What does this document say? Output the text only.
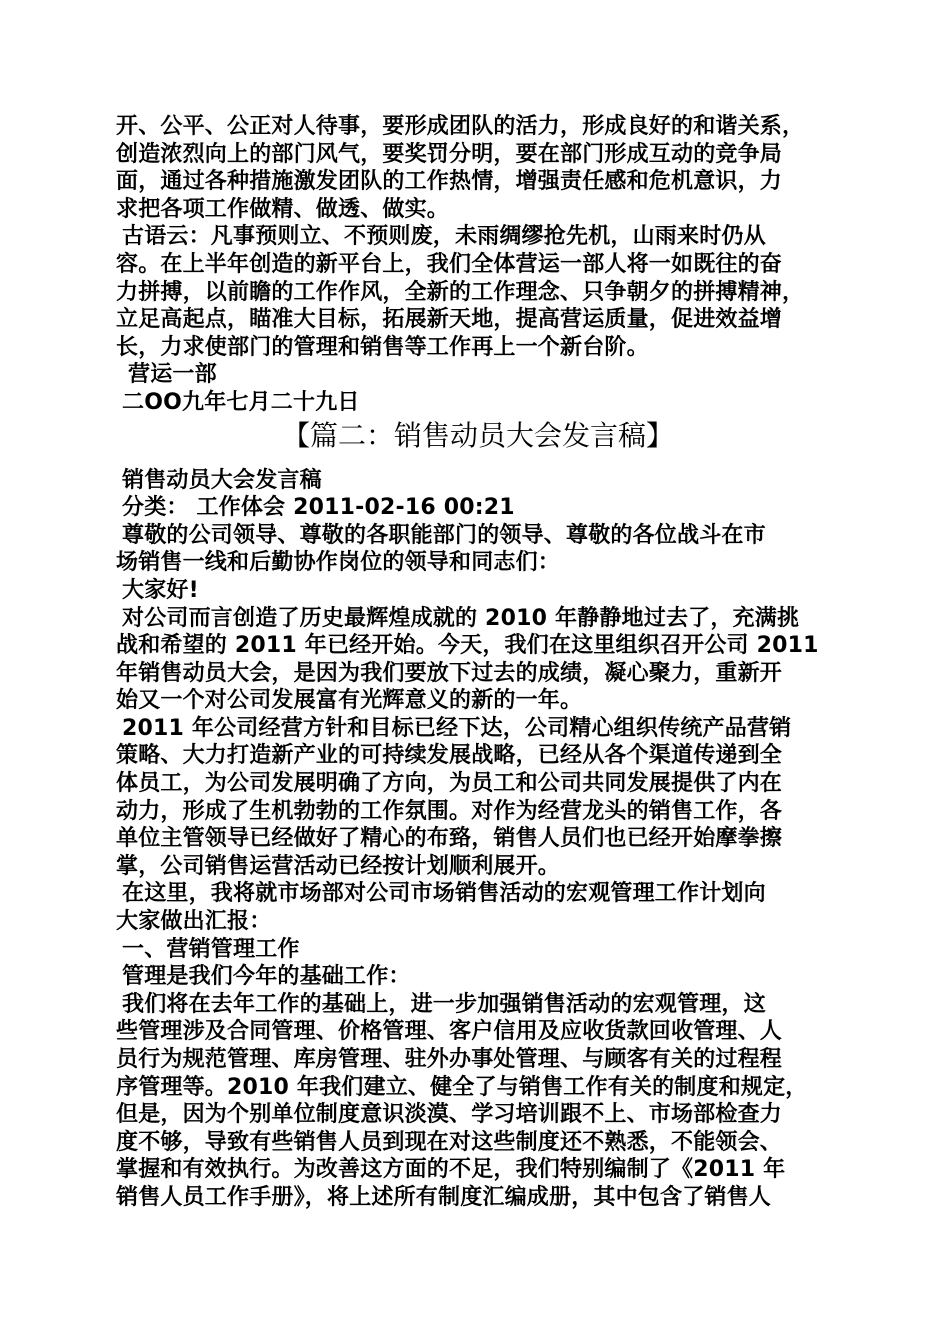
开、公平、公正对人待事，要形成团队的活力，形成良好的和谐关系，
创造浓烈向上的部门风气，要奖罚分明，要在部门形成互动的竞争局
面，通过各种措施激发团队的工作热情，增强责任感和危机意识，力
求把各项工作做精、做透、做实。
古语云：凡事预则立、不预则废，未雨绸缪抢先机，山雨来时仍从
容。在上半年创造的新平台上，我们全体营运一部人将一如既往的奋
力拼搏，以前瞻的工作作风，全新的工作理念、只争朝夕的拼搏精神，
立足高起点，瞄准大目标，拓展新天地，提高营运质量，促进效益增
长，力求使部门的管理和销售等工作再上一个新台阶。
营运一部
二OO九年七月二十九日
【篇二：销售动员大会发言稿】
销售动员大会发言稿
分类： 工作体会 2011-02-16 00:21
尊敬的公司领导、尊敬的各职能部门的领导、尊敬的各位战斗在市
场销售一线和后勤协作岗位的领导和同志们：
大家好!
对公司而言创造了历史最辉煌成就的 2010 年静静地过去了，充满挑
战和希望的 2011 年已经开始。今天，我们在这里组织召开公司 2011
年销售动员大会，是因为我们要放下过去的成绩，凝心聚力，重新开
始又一个对公司发展富有光辉意义的新的一年。
2011 年公司经营方针和目标已经下达，公司精心组织传统产品营销
策略、大力打造新产业的可持续发展战略，已经从各个渠道传递到全
体员工，为公司发展明确了方向，为员工和公司共同发展提供了内在
动力，形成了生机勃勃的工作氛围。对作为经营龙头的销售工作，各
单位主管领导已经做好了精心的布臵，销售人员们也已经开始摩拳擦
掌，公司销售运营活动已经按计划顺利展开。
在这里，我将就市场部对公司市场销售活动的宏观管理工作计划向
大家做出汇报：
一、营销管理工作
管理是我们今年的基础工作：
我们将在去年工作的基础上，进一步加强销售活动的宏观管理，这
些管理涉及合同管理、价格管理、客户信用及应收货款回收管理、人
员行为规范管理、库房管理、驻外办事处管理、与顾客有关的过程程
序管理等。2010 年我们建立、健全了与销售工作有关的制度和规定，
但是，因为个别单位制度意识淡漠、学习培训跟不上、市场部检查力
度不够，导致有些销售人员到现在对这些制度还不熟悉，不能领会、
掌握和有效执行。为改善这方面的不足，我们特别编制了《2011 年
销售人员工作手册》，将上述所有制度汇编成册，其中包含了销售人
